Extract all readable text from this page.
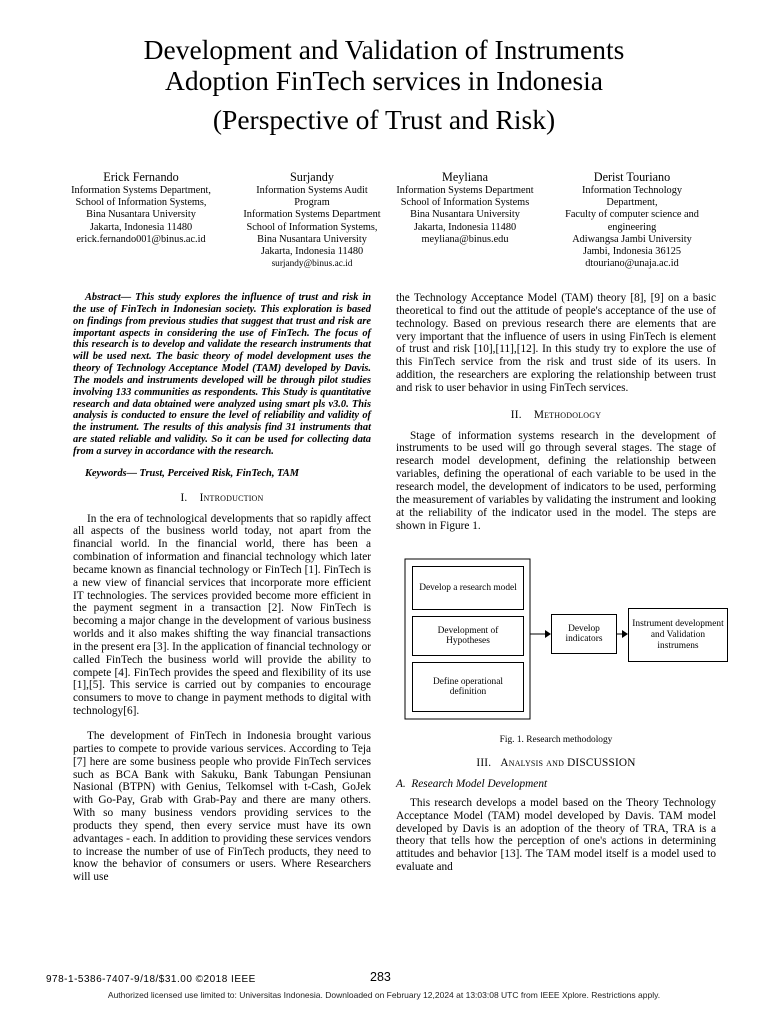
Development and Validation of Instruments
Adoption FinTech services in Indonesia
(Perspective of Trust and Risk)
Erick Fernando
Information Systems Department,
School of Information Systems,
Bina Nusantara University
Jakarta, Indonesia 11480
erick.fernando001@binus.ac.id
Surjandy
Information Systems Audit
Program
Information Systems Department
School of Information Systems,
Bina Nusantara University
Jakarta, Indonesia 11480
surjandy@binus.ac.id
Meyliana
Information Systems Department
School of Information Systems
Bina Nusantara University
Jakarta, Indonesia 11480
meyliana@binus.edu
Derist Touriano
Information Technology
Department,
Faculty of computer science and
engineering
Adiwangsa Jambi University
Jambi, Indonesia 36125
dtouriano@unaja.ac.id

Abstract— This study explores the influence of trust and risk in the use of FinTech in Indonesian society. This exploration is based on findings from previous studies that suggest that trust and risk are important aspects in considering the use of FinTech. The focus of this research is to develop and validate the research instruments that will be used next. The basic theory of model development uses the theory of Technology Acceptance Model (TAM) developed by Davis. The models and instruments developed will be through pilot studies involving 133 communities as respondents. This Study is quantitative research and data obtained were analyzed using smart pls v3.0. This analysis is conducted to ensure the level of reliability and validity of the instrument. The results of this analysis find 31 instruments that are stated reliable and validity. So it can be used for collecting data from a survey in accordance with the research.

Keywords— Trust, Perceived Risk, FinTech, TAM

I. Introduction

In the era of technological developments that so rapidly affect all aspects of the business world today, not apart from the financial world. In the financial world, there has been a combination of information and financial technology which later became known as financial technology or FinTech [1]. FinTech is a new view of financial services that incorporate more efficient IT technologies. The services provided become more efficient in the payment segment in a transaction [2]. Now FinTech is becoming a major change in the development of various business worlds and it also makes shifting the way financial transactions in the present era [3]. In the application of financial technology or called FinTech the business world will provide the ability to compete [4]. FinTech provides the speed and flexibility of its use [1],[5]. This service is carried out by companies to encourage consumers to move to change in payment methods to digital with technology[6].

The development of FinTech in Indonesia brought various parties to compete to provide various services. According to Teja [7] here are some business people who provide FinTech services such as BCA Bank with Sakuku, Bank Tabungan Pensiunan Nasional (BTPN) with Genius, Telkomsel with t-Cash, GoJek with Go-Pay, Grab with Grab-Pay and there are many others. With so many business vendors providing services to the products they spend, then every service must have its own advantages - each. In addition to providing these services vendors to increase the number of use of FinTech products, they need to know the behavior of consumers or users. Where Researchers will use

the Technology Acceptance Model (TAM) theory [8], [9] on a basic theoretical to find out the attitude of people's acceptance of the use of technology. Based on previous research there are elements that are very important that the influence of users in using FinTech is element of trust and risk [10],[11],[12]. In this study try to explore the use of this FinTech service from the risk and trust side of its users. In addition, the researchers are exploring the relationship between trust and risk to user behavior in using FinTech services.

II. Methodology

Stage of information systems research in the development of instruments to be used will go through several stages. The stage of research model development, defining the relationship between variables, defining the operational of each variable to be used in the research model, the development of indicators to be used, performing the measurement of variables by validating the instrument and looking at the reliability of the indicator used in the model. The steps are shown in Figure 1.

Develop a research model
Development of Hypotheses
Define operational definition
Develop indicators
Instrument development and Validation instrumens
Fig. 1. Research methodology
III. Analysis and DISCUSSION
A. Research Model Development

This research develops a model based on the Theory Technology Acceptance Model (TAM) model developed by Davis. TAM model developed by Davis is an adoption of the theory of TRA, TRA is a theory that tells how the perception of one's actions in determining attitudes and behavior [13]. The TAM model itself is a model used to evaluate and

978-1-5386-7407-9/18/$31.00 ©2018 IEEE	283
Authorized licensed use limited to: Universitas Indonesia. Downloaded on February 12,2024 at 13:03:08 UTC from IEEE Xplore. Restrictions apply.
